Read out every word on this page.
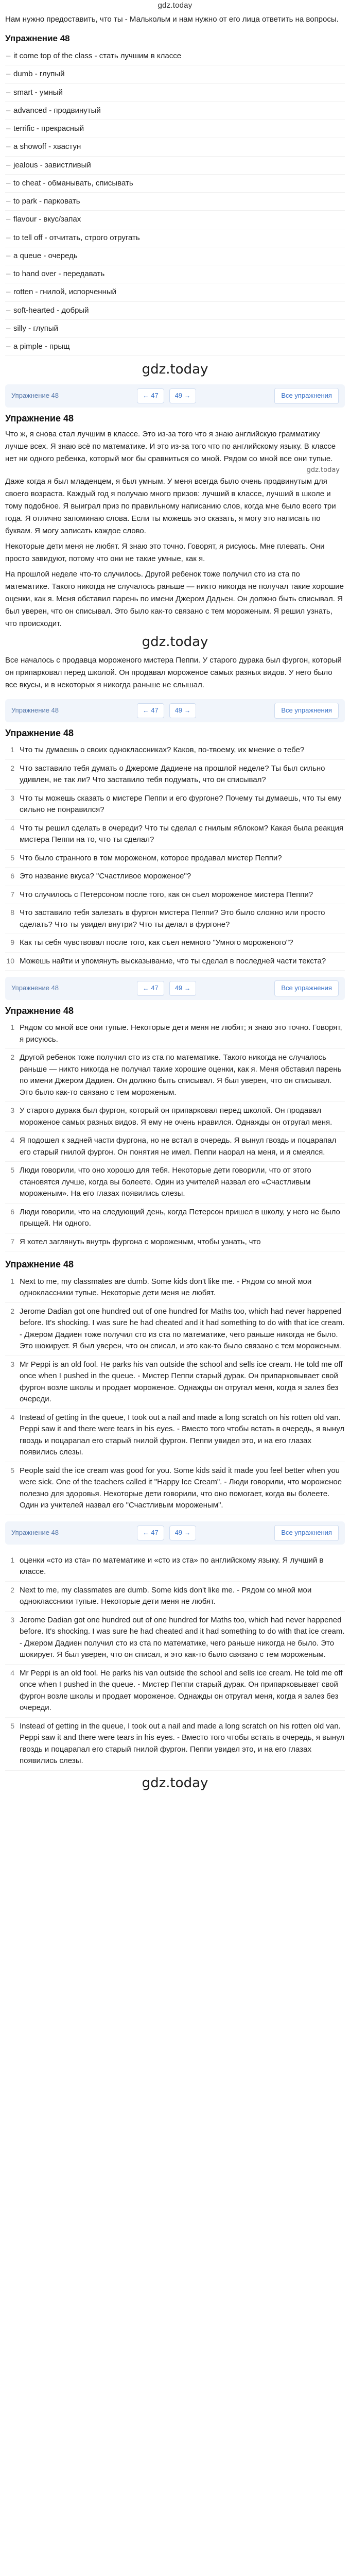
gdz.today
Нам нужно предоставить, что ты - Малькольм и нам нужно от его лица ответить на вопросы.
Упражнение 48
– it come top of the class - стать лучшим в классе
– dumb - глупый
– smart - умный
– advanced - продвинутый
– terrific - прекрасный
– a showoff - хвастун
– jealous - завистливый
– to cheat - обманывать, списывать
– to park - парковать
– flavour - вкус/запах
– to tell off - отчитать, строго отругать
– a queue - очередь
– to hand over - передавать
– rotten - гнилой, испорченный
– soft-hearted - добрый
– silly - глупый
– a pimple - прыщ
gdz.today
Упражнение 48	← 47 49 →	Все упражнения
Упражнение 48

Что ж, я снова стал лучшим в классе. Это из-за того что я знаю английскую грамматику лучше всех. Я знаю всё по математике. И это из-за того что по английскому языку. В классе нет ни одного ребенка, который мог бы сравниться со мной. Рядом со мной все они тупые.

gdz.today

Даже когда я был младенцем, я был умным. У меня всегда было очень продвинутым для своего возраста. Каждый год я получаю много призов: лучший в классе, лучший в школе и тому подобное. Я выиграл приз по правильному написанию слов, когда мне было всего три года. Я отлично запоминаю слова. Если ты можешь это сказать, я могу это написать по буквам. Я могу записать каждое слово.

Некоторые дети меня не любят. Я знаю это точно. Говорят, я рисуюсь. Мне плевать. Они просто завидуют, потому что они не такие умные, как я.

На прошлой неделе что-то случилось. Другой ребенок тоже получил сто из ста по математике. Такого никогда не случалось раньше — никто никогда не получал такие хорошие оценки, как я. Меня обставил парень по имени Джером Дадьен. Он должно быть списывал. Я был уверен, что он списывал. Это было как-то связано с тем мороженым. Я решил узнать, что происходит.

gdz.today

Все началось с продавца мороженого мистера Пеппи. У старого дурака был фургон, который он припарковал перед школой. Он продавал мороженое самых разных видов. У него было все вкусы, и в некоторых я никогда раньше не слышал.

Упражнение 48	← 47 49 →	Все упражнения
Упражнение 48
1 Что ты думаешь о своих одноклассниках? Каков, по-твоему, их мнение о тебе?
2 Что заставило тебя думать о Джероме Дадиене на прошлой неделе? Ты был сильно удивлен, не так ли? Что заставило тебя подумать, что он списывал?
3 Что ты можешь сказать о мистере Пеппи и его фургоне? Почему ты думаешь, что ты ему сильно не понравился?
4 Что ты решил сделать в очереди? Что ты сделал с гнилым яблоком? Какая была реакция мистера Пеппи на то, что ты сделал?
5 Что было странного в том мороженом, которое продавал мистер Пеппи?
6 Это название вкуса? "Счастливое мороженое"?
7 Что случилось с Петерсоном после того, как он съел мороженое мистера Пеппи?
8 Что заставило тебя залезать в фургон мистера Пеппи? Это было сложно или просто сделать? Что ты увидел внутри? Что ты делал в фургоне?
9 Как ты себя чувствовал после того, как съел немного "Умного мороженого"?
10 Можешь найти и упомянуть высказывание, что ты сделал в последней части текста?
Упражнение 48	← 47 49 →	Все упражнения
Упражнение 48
1 Рядом со мной все они тупые. Некоторые дети меня не любят; я знаю это точно. Говорят, я рисуюсь.
2 Другой ребенок тоже получил сто из ста по математике. Такого никогда не случалось раньше — никто никогда не получал такие хорошие оценки, как я. Меня обставил парень по имени Джером Дадиен. Он должно быть списывал. Я был уверен, что он списывал. Это было как-то связано с тем мороженым.
3 У старого дурака был фургон, который он припарковал перед школой. Он продавал мороженое самых разных видов. Я ему не очень нравился. Однажды он отругал меня.
4 Я подошел к задней части фургона, но не встал в очередь. Я вынул гвоздь и поцарапал его старый гнилой фургон. Он понятия не имел. Пеппи наорал на меня, и я смеялся.
5 Люди говорили, что оно хорошо для тебя. Некоторые дети говорили, что от этого становятся лучше, когда вы болеете. Один из учителей назвал его «Счастливым мороженым». На его глазах появились слезы.
6 Люди говорили, что на следующий день, когда Петерсон пришел в школу, у него не было прыщей. Ни одного.
7 Я хотел заглянуть внутрь фургона с мороженым, чтобы узнать, что
Упражнение 48
1 Next to me, my classmates are dumb. Some kids don't like me. - Рядом со мной мои одноклассники тупые. Некоторые дети меня не любят.
2 Jerome Dadian got one hundred out of one hundred for Maths too, which had never happened before. It's shocking. I was sure he had cheated and it had something to do with that ice cream. - Джером Дадиен тоже получил сто из ста по математике, чего раньше никогда не было. Это шокирует. Я был уверен, что он списал, и это как-то было связано с тем мороженым.
3 Mr Peppi is an old fool. He parks his van outside the school and sells ice cream. He told me off once when I pushed in the queue. - Мистер Пеппи старый дурак. Он припарковывает свой фургон возле школы и продает мороженое. Однажды он отругал меня, когда я залез без очереди.
4 Instead of getting in the queue, I took out a nail and made a long scratch on his rotten old van. Peppi saw it and there were tears in his eyes. - Вместо того чтобы встать в очередь, я вынул гвоздь и поцарапал его старый гнилой фургон. Пеппи увидел это, и на его глазах появились слезы.
5 People said the ice cream was good for you. Some kids said it made you feel better when you were sick. One of the teachers called it "Happy Ice Cream". - Люди говорили, что мороженое полезно для здоровья. Некоторые дети говорили, что оно помогает, когда вы болеете. Один из учителей назвал его "Счастливым мороженым".
Упражнение 48	← 47 49 →	Все упражнения
1 оценки «сто из ста» по математике и «сто из ста» по английскому языку. Я лучший в классе.
2 Next to me, my classmates are dumb. Some kids don't like me. - Рядом со мной мои одноклассники тупые. Некоторые дети меня не любят.
3 Jerome Dadian got one hundred out of one hundred for Maths too, which had never happened before. It's shocking. I was sure he had cheated and it had something to do with that ice cream. - Джером Дадиен получил сто из ста по математике, чего раньше никогда не было. Это шокирует. Я был уверен, что он списал, и это как-то было связано с тем мороженым.
4 Mr Peppi is an old fool. He parks his van outside the school and sells ice cream. He told me off once when I pushed in the queue. - Мистер Пеппи старый дурак. Он припарковывает свой фургон возле школы и продает мороженое. Однажды он отругал меня, когда я залез без очереди.
5 Instead of getting in the queue, I took out a nail and made a long scratch on his rotten old van. Peppi saw it and there were tears in his eyes. - Вместо того чтобы встать в очередь, я вынул гвоздь и поцарапал его старый гнилой фургон. Пеппи увидел это, и на его глазах появились слезы.
gdz.today
